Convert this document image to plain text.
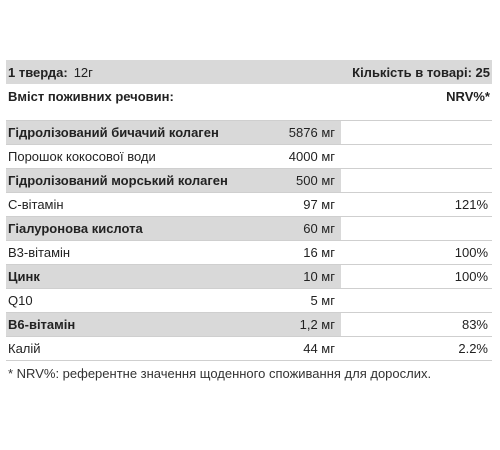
1 тверда: 12г	Кількість в товарі: 25
Вміст поживних речовин:	NRV%*
Гідролізований бичачий колаген	5876 мг
Порошок кокосової води	4000 мг
Гідролізований морський колаген	500 мг
С-вітамін	97 мг	121%
Гіалуронова кислота	60 мг
В3-вітамін	16 мг	100%
Цинк	10 мг	100%
Q10	5 мг
В6-вітамін	1,2 мг	83%
Калій	44 мг	2.2%
* NRV%: референтне значення щоденного споживання для дорослих.
